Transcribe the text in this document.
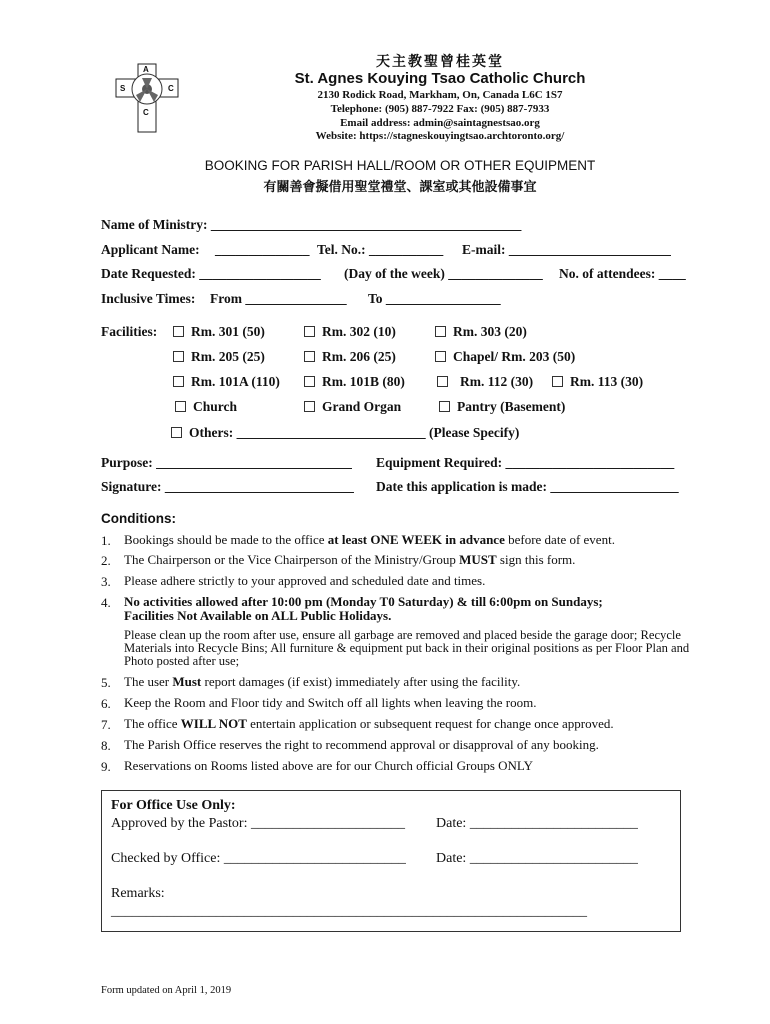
A
S	C
C
天主教聖曾桂英堂
St. Agnes Kouying Tsao Catholic Church
2130 Rodick Road, Markham, On, Canada L6C 1S7
Telephone: (905) 887-7922 Fax: (905) 887-7933
Email address: admin@saintagnestsao.org
Website: https://stagneskouyingtsao.archtoronto.org/
BOOKING FOR PARISH HALL/ROOM OR OTHER EQUIPMENT
有關善會擬借用聖堂禮堂、課室或其他設備事宜
Name of Ministry: ______________________________________________
Applicant Name: ______________ Tel. No.: ___________ E-mail: ________________________
Date Requested: __________________ (Day of the week) ______________ No. of attendees: ____
Inclusive Times: From _______________ To _________________
Facilities:	Rm. 301 (50)	Rm. 302 (10)	Rm. 303 (20)
Rm. 205 (25)	Rm. 206 (25)	Chapel/ Rm. 203 (50)
Rm. 101A (110)	Rm. 101B (80)	Rm. 112 (30)	Rm. 113 (30)
Church	Grand Organ	Pantry (Basement)
Others: ____________________________ (Please Specify)
Purpose: _____________________________ Equipment Required: _________________________
Signature: ____________________________ Date this application is made: ___________________
Conditions:
1. Bookings should be made to the office at least ONE WEEK in advance before date of event.
2. The Chairperson or the Vice Chairperson of the Ministry/Group MUST sign this form.
3. Please adhere strictly to your approved and scheduled date and times.
4. No activities allowed after 10:00 pm (Monday T0 Saturday) & till 6:00pm on Sundays; Facilities Not Available on ALL Public Holidays.
Please clean up the room after use, ensure all garbage are removed and placed beside the garage door; Recycle Materials into Recycle Bins; All furniture & equipment put back in their original positions as per Floor Plan and Photo posted after use;
5. The user Must report damages (if exist) immediately after using the facility.
6. Keep the Room and Floor tidy and Switch off all lights when leaving the room.
7. The office WILL NOT entertain application or subsequent request for change once approved.
8. The Parish Office reserves the right to recommend approval or disapproval of any booking.
9. Reservations on Rooms listed above are for our Church official Groups ONLY
For Office Use Only:
Approved by the Pastor: ______________________ Date: ________________________
Checked by Office: __________________________ Date: ________________________
Remarks:
____________________________________________________________________
Form updated on April 1, 2019
